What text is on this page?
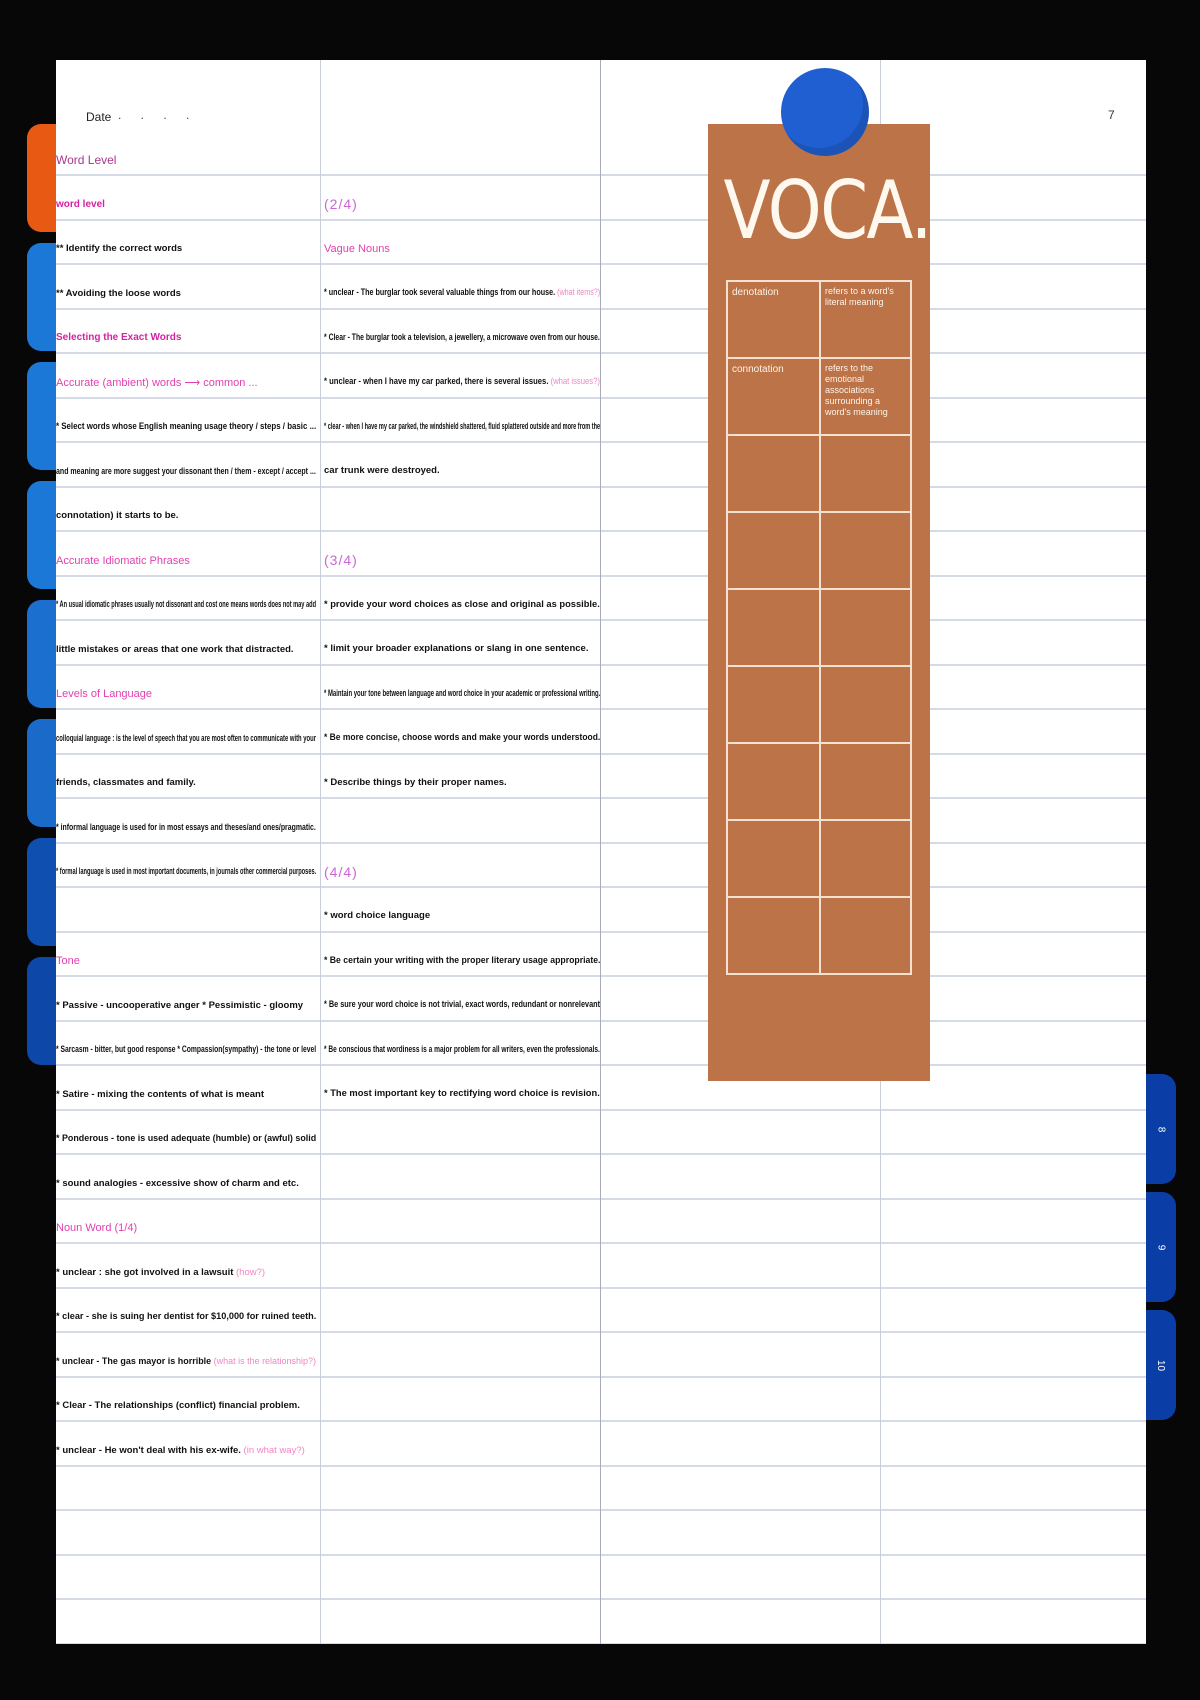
Date . . . .	7
Word Level
word level
** Identify the correct words
** Avoiding the loose words
Selecting the Exact Words
Accurate (ambient) words ⟶ common ...
* Select words whose English meaning usage theory / steps / basic ...
and meaning are more suggest your dissonant then / them - except / accept ...
connotation) it starts to be.
Accurate Idiomatic Phrases
* An usual idiomatic phrases usually not dissonant and cost one means words does not may add
little mistakes or areas that one work that distracted.
Levels of Language
colloquial language : is the level of speech that you are most often to communicate with your
friends, classmates and family.
* informal language is used for in most essays and theses/and ones/pragmatic.
* formal language is used in most important documents, in journals other commercial purposes.
Tone
* Passive - uncooperative anger * Pessimistic - gloomy
* Sarcasm - bitter, but good response * Compassion(sympathy) - the tone or level
* Satire - mixing the contents of what is meant
* Ponderous - tone is used adequate (humble) or (awful) solid
* sound analogies - excessive show of charm and etc.
Noun Word (1/4)
* unclear : she got involved in a lawsuit (how?)
* clear - she is suing her dentist for $10,000 for ruined teeth.
* unclear - The gas mayor is horrible (what is the relationship?)
* Clear - The relationships (conflict) financial problem.
* unclear - He won't deal with his ex-wife. (in what way?)
(2/4)
Vague Nouns
* unclear - The burglar took several valuable things from our house. (what items?)
* Clear - The burglar took a television, a jewellery, a microwave oven from our house.
* unclear - when I have my car parked, there is several issues. (what issues?)
* clear - when I have my car parked, the windshield shattered, fluid splattered outside and more from the
car trunk were destroyed.
(3/4)
* provide your word choices as close and original as possible.
* limit your broader explanations or slang in one sentence.
* Maintain your tone between language and word choice in your academic or professional writing.
* Be more concise, choose words and make your words understood.
* Describe things by their proper names.
(4/4)
* word choice language
* Be certain your writing with the proper literary usage appropriate.
* Be sure your word choice is not trivial, exact words, redundant or nonrelevant
* Be conscious that wordiness is a major problem for all writers, even the professionals.
* The most important key to rectifying word choice is revision.
VOCA.
denotation	refers to a word's literal meaning
connotation	refers to the emotional associations surrounding a word's meaning
8
9
10
